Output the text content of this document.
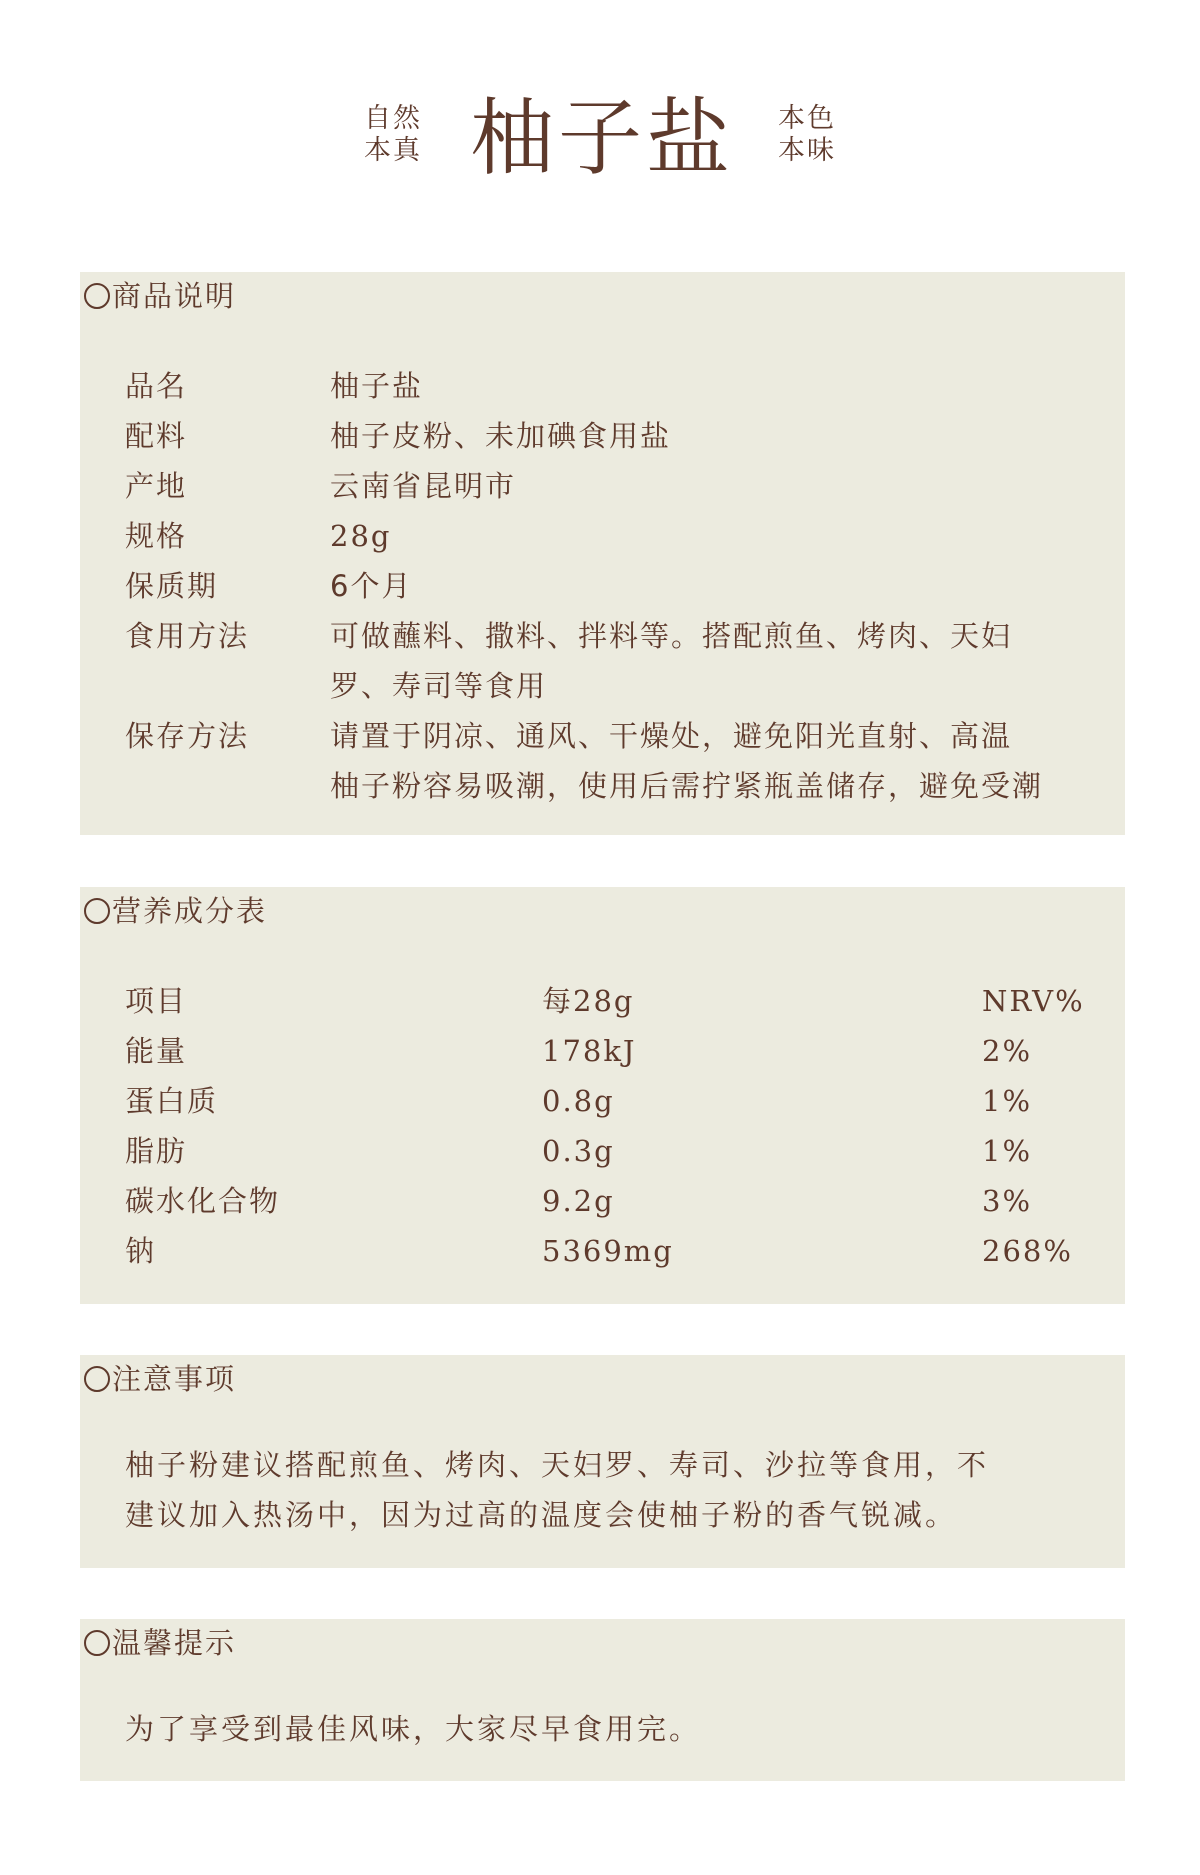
自然
本真 柚子盐 本色
本味
商品说明
品名	柚子盐
配料	柚子皮粉、未加碘食用盐
产地	云南省昆明市
规格	28g
保质期	6个月
食用方法	可做蘸料、撒料、拌料等。搭配煎鱼、烤肉、天妇
罗、寿司等食用
保存方法	请置于阴凉、通风、干燥处，避免阳光直射、高温
柚子粉容易吸潮，使用后需拧紧瓶盖储存，避免受潮
营养成分表
项目	每28g	NRV%
能量	178kJ	2%
蛋白质	0.8g	1%
脂肪	0.3g	1%
碳水化合物	9.2g	3%
钠	5369mg	268%
注意事项
柚子粉建议搭配煎鱼、烤肉、天妇罗、寿司、沙拉等食用，不
建议加入热汤中，因为过高的温度会使柚子粉的香气锐减。
温馨提示
为了享受到最佳风味，大家尽早食用完。
